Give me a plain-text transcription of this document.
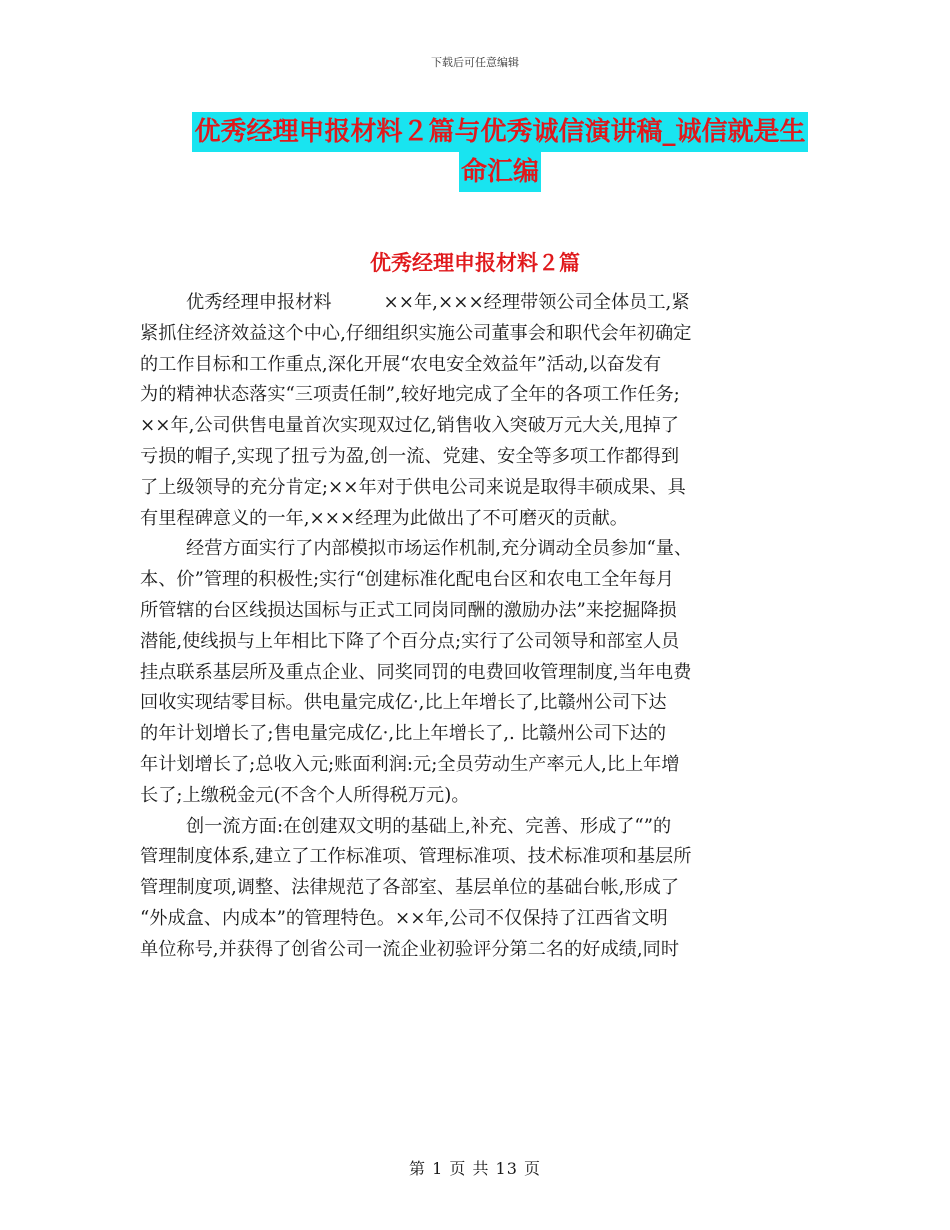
下载后可任意编辑
优秀经理申报材料２篇与优秀诚信演讲稿_诚信就是生
命汇编
优秀经理申报材料２篇

优秀经理申报材料	××年,×××经理带领公司全体员工,紧
紧抓住经济效益这个中心,仔细组织实施公司董事会和职代会年初确定
的工作目标和工作重点,深化开展“农电安全效益年”活动,以奋发有
为的精神状态落实“三项责任制”,较好地完成了全年的各项工作任务;
××年,公司供售电量首次实现双过亿,销售收入突破万元大关,甩掉了
亏损的帽子,实现了扭亏为盈,创一流、党建、安全等多项工作都得到
了上级领导的充分肯定;××年对于供电公司来说是取得丰硕成果、具
有里程碑意义的一年,×××经理为此做出了不可磨灭的贡献。

经营方面实行了内部模拟市场运作机制,充分调动全员参加“量、
本、价”管理的积极性;实行“创建标准化配电台区和农电工全年每月
所管辖的台区线损达国标与正式工同岗同酬的激励办法”来挖掘降损
潜能,使线损与上年相比下降了个百分点;实行了公司领导和部室人员
挂点联系基层所及重点企业、同奖同罚的电费回收管理制度,当年电费
回收实现结零目标。供电量完成亿·,比上年增长了,比赣州公司下达
的年计划增长了;售电量完成亿·,比上年增长了,. 比赣州公司下达的
年计划增长了;总收入元;账面利润:元;全员劳动生产率元人,比上年增
长了;上缴税金元(不含个人所得税万元)。

创一流方面:在创建双文明的基础上,补充、完善、形成了“”的
管理制度体系,建立了工作标准项、管理标准项、技术标准项和基层所
管理制度项,调整、法律规范了各部室、基层单位的基础台帐,形成了
“外成盒、内成本”的管理特色。××年,公司不仅保持了江西省文明
单位称号,并获得了创省公司一流企业初验评分第二名的好成绩,同时

第 1 页 共 13 页
